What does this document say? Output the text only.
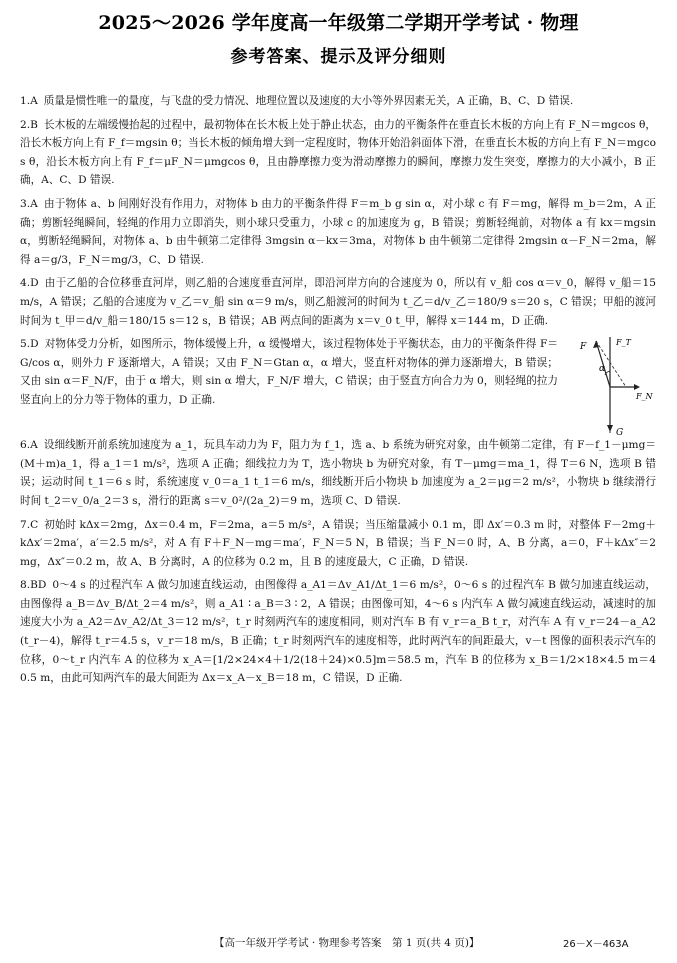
2025～2026 学年度高一年级第二学期开学考试 · 物理
参考答案、提示及评分细则
1.A 质量是惯性唯一的量度，与飞盘的受力情况、地理位置以及速度的大小等外界因素无关，A 正确，B、C、D 错误.
2.B 长木板的左端缓慢抬起的过程中，最初物体在长木板上处于静止状态，由力的平衡条件在垂直长木板的方向上有 F_N＝mgcos θ，沿长木板方向上有 F_f＝mgsin θ；当长木板的倾角增大到一定程度时，物体开始沿斜面体下滑，在垂直长木板的方向上有 F_N＝mgcos θ，沿长木板方向上有 F_f＝μF_N＝μmgcos θ，且由静摩擦力变为滑动摩擦力的瞬间，摩擦力发生突变，摩擦力的大小减小，B 正确，A、C、D 错误.
3.A 由于物体 a、b 间刚好没有作用力，对物体 b 由力的平衡条件得 F＝m_b g sin α，对小球 c 有 F＝mg，解得 m_b＝2m，A 正确；剪断轻绳瞬间，轻绳的作用力立即消失，则小球只受重力，小球 c 的加速度为 g，B 错误；剪断轻绳前，对物体 a 有 kx＝mgsin α，剪断轻绳瞬间，对物体 a、b 由牛顿第二定律得 3mgsin α－kx＝3ma，对物体 b 由牛顿第二定律得 2mgsin α－F_N＝2ma，解得 a＝g/3，F_N＝mg/3，C、D 错误.
4.D 由于乙船的合位移垂直河岸，则乙船的合速度垂直河岸，即沿河岸方向的合速度为 0，所以有 v_船 cos α＝v_0，解得 v_船＝15 m/s，A 错误；乙船的合速度为 v_乙＝v_船 sin α＝9 m/s，则乙船渡河的时间为 t_乙＝d/v_乙＝180/9 s＝20 s，C 错误；甲船的渡河时间为 t_甲＝d/v_船＝180/15 s＝12 s，B 错误；AB 两点间的距离为 x＝v_0 t_甲，解得 x＝144 m，D 正确.
5.D 对物体受力分析，如图所示，物体缓慢上升，α 缓慢增大，该过程物体处于平衡状态，由力的平衡条件得 F＝G/cos α，则外力 F 逐渐增大，A 错误；又由 F_N＝Gtan α，α 增大，竖直杆对物体的弹力逐渐增大，B 错误；又由 sin α＝F_N/F，由于 α 增大，则 sin α 增大，F_N/F 增大，C 错误；由于竖直方向合力为 0，则轻绳的拉力竖直向上的分力等于物体的重力，D 正确.
F	F_T
α
F_N
G
6.A 设细线断开前系统加速度为 a_1，玩具车动力为 F，阻力为 f_1，选 a、b 系统为研究对象，由牛顿第二定律，有 F－f_1－μmg＝(M＋m)a_1，得 a_1＝1 m/s²，选项 A 正确；细线拉力为 T，选小物块 b 为研究对象，有 T－μmg＝ma_1，得 T＝6 N，选项 B 错误；运动时间 t_1＝6 s 时，系统速度 v_0＝a_1 t_1＝6 m/s，细线断开后小物块 b 加速度为 a_2＝μg＝2 m/s²，小物块 b 继续滑行时间 t_2＝v_0/a_2＝3 s，滑行的距离 s＝v_0²/(2a_2)＝9 m，选项 C、D 错误.
7.C 初始时 kΔx＝2mg，Δx＝0.4 m，F＝2ma，a＝5 m/s²，A 错误；当压缩量减小 0.1 m，即 Δx′＝0.3 m 时，对整体 F－2mg＋kΔx′＝2ma′，a′＝2.5 m/s²，对 A 有 F＋F_N－mg＝ma′，F_N＝5 N，B 错误；当 F_N＝0 时，A、B 分离，a＝0，F＋kΔx″＝2mg，Δx″＝0.2 m，故 A、B 分离时，A 的位移为 0.2 m，且 B 的速度最大，C 正确，D 错误.
8.BD 0～4 s 的过程汽车 A 做匀加速直线运动，由图像得 a_A1＝Δv_A1/Δt_1＝6 m/s²，0～6 s 的过程汽车 B 做匀加速直线运动，由图像得 a_B＝Δv_B/Δt_2＝4 m/s²，则 a_A1 ∶ a_B＝3 ∶ 2，A 错误；由图像可知，4～6 s 内汽车 A 做匀减速直线运动，减速时的加速度大小为 a_A2＝Δv_A2/Δt_3＝12 m/s²，t_r 时刻两汽车的速度相同，则对汽车 B 有 v_r＝a_B t_r，对汽车 A 有 v_r＝24－a_A2(t_r－4)，解得 t_r＝4.5 s，v_r＝18 m/s，B 正确；t_r 时刻两汽车的速度相等，此时两汽车的间距最大，v－t 图像的面积表示汽车的位移，0～t_r 内汽车 A 的位移为 x_A＝[1/2×24×4＋1/2(18＋24)×0.5]m＝58.5 m，汽车 B 的位移为 x_B＝1/2×18×4.5 m＝40.5 m，由此可知两汽车的最大间距为 Δx＝x_A－x_B＝18 m，C 错误，D 正确.
【高一年级开学考试 · 物理参考答案　第 1 页(共 4 页)】	26－X－463A
